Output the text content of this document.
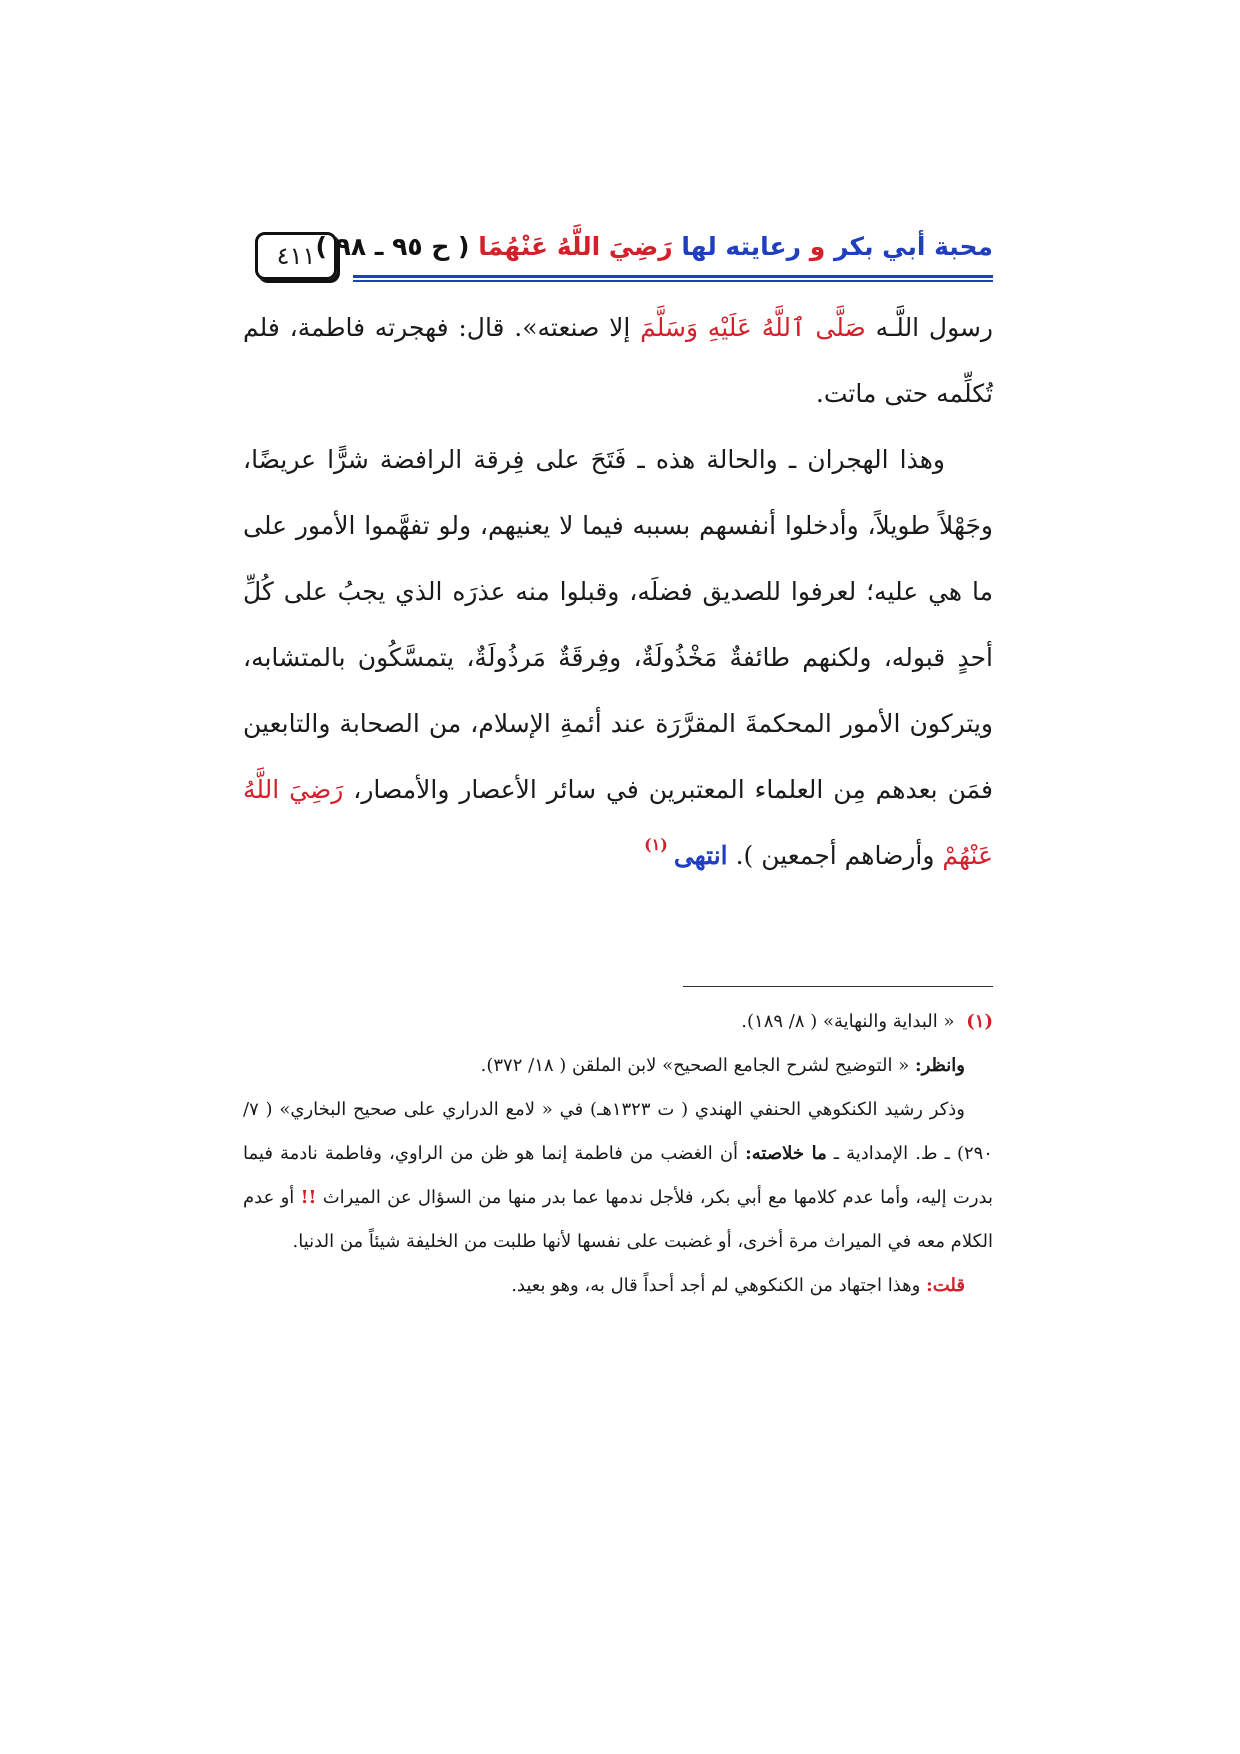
محبة أبي بكر و رعايته لها رَضِيَ اللَّهُ عَنْهُمَا ( ح ٩٥ ـ ٩٨ )
٤١١

رسول اللَّـه صَلَّى ٱللَّهُ عَلَيْهِ وَسَلَّمَ إلا صنعته». قال: فهجرته فاطمة، فلم تُكلِّمه حتى ماتت.

وهذا الهجران ـ والحالة هذه ـ فَتَحَ على فِرقة الرافضة شرًّا عريضًا، وجَهْلاً طويلاً، وأدخلوا أنفسهم بسببه فيما لا يعنيهم، ولو تفهَّموا الأمور على ما هي عليه؛ لعرفوا للصديق فضلَه، وقبلوا منه عذرَه الذي يجبُ على كُلِّ أحدٍ قبوله، ولكنهم طائفةٌ مَخْذُولَةٌ، وفِرقَةٌ مَرذُولَةٌ، يتمسَّكُون بالمتشابه، ويتركون الأمور المحكمةَ المقرَّرَة عند أئمةِ الإسلام، من الصحابة والتابعين فمَن بعدهم مِن العلماء المعتبرين في سائر الأعصار والأمصار، رَضِيَ اللَّهُ عَنْهُمْ وأرضاهم أجمعين ). انتهى$^{(١)}$

(١) « البداية والنهاية» ( ٨/ ١٨٩).

وانظر: « التوضيح لشرح الجامع الصحيح» لابن الملقن ( ١٨/ ٣٧٢).

وذكر رشيد الكنكوهي الحنفي الهندي ( ت ١٣٢٣هـ) في « لامع الدراري على صحيح البخاري» ( ٧/ ٢٩٠) ـ ط. الإمدادية ـ ما خلاصته: أن الغضب من فاطمة إنما هو ظن من الراوي، وفاطمة نادمة فيما بدرت إليه، وأما عدم كلامها مع أبي بكر، فلأجل ندمها عما بدر منها من السؤال عن الميراث !! أو عدم الكلام معه في الميراث مرة أخرى، أو غضبت على نفسها لأنها طلبت من الخليفة شيئاً من الدنيا.

قلت: وهذا اجتهاد من الكنكوهي لم أجد أحداً قال به، وهو بعيد.
